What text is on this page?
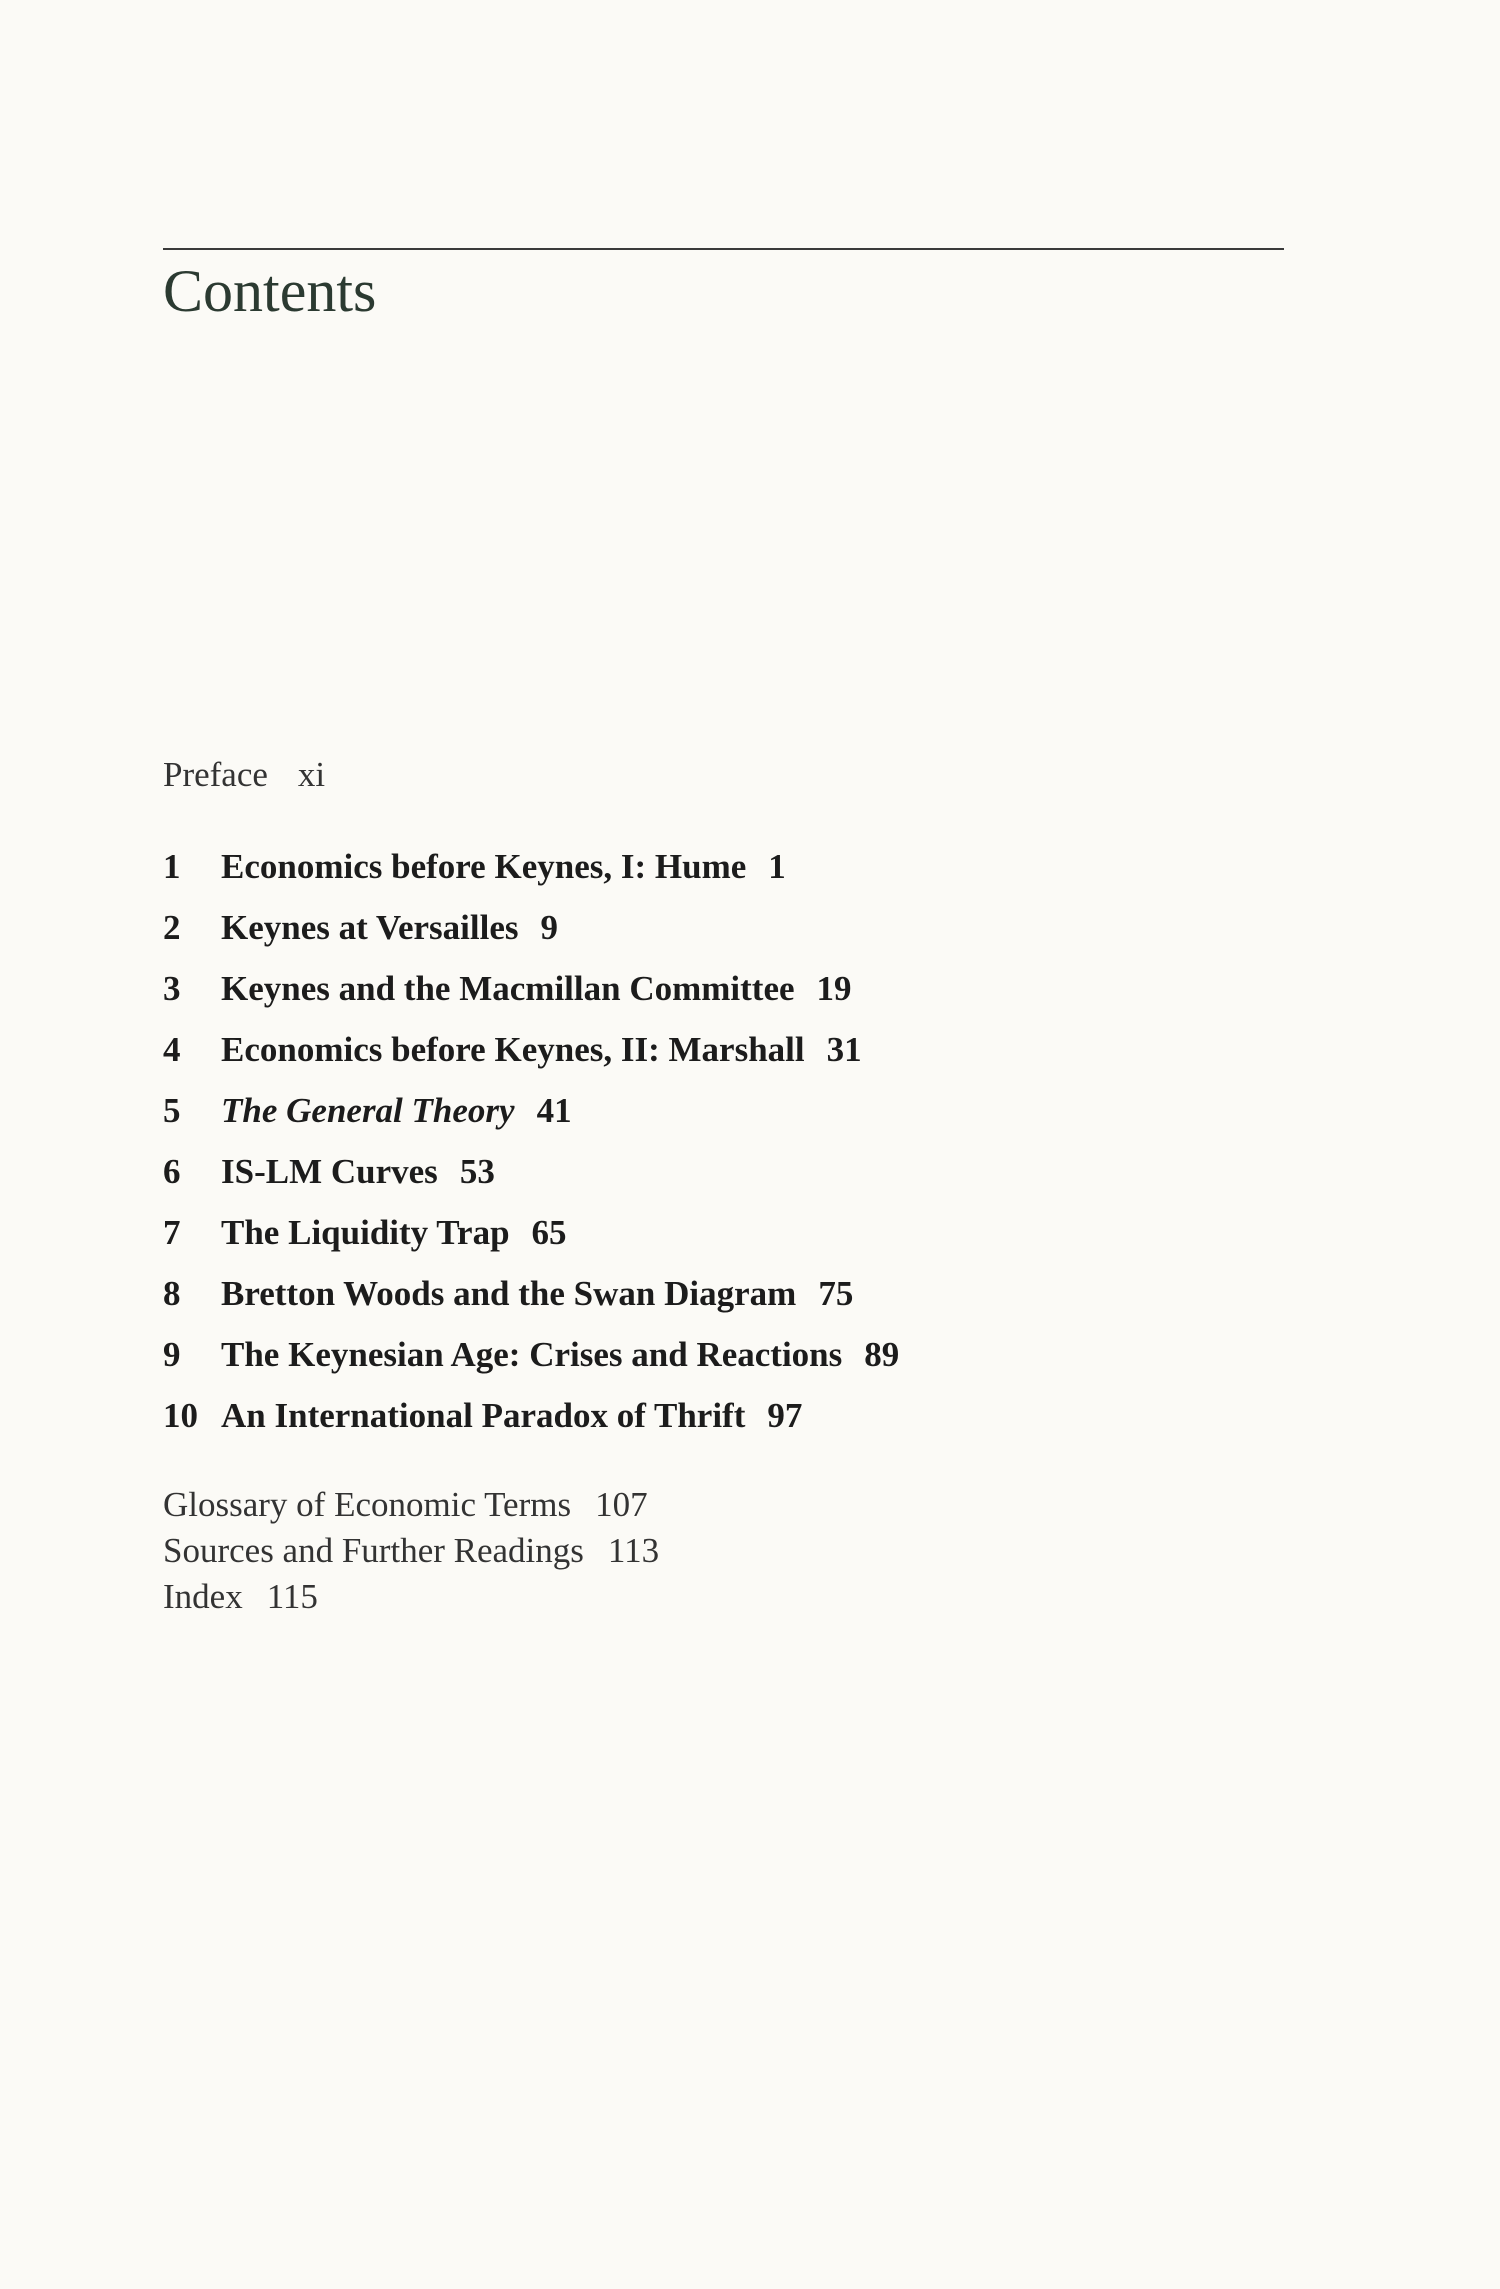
Contents
Preface xi
1 Economics before Keynes, I: Hume 1
2 Keynes at Versailles 9
3 Keynes and the Macmillan Committee 19
4 Economics before Keynes, II: Marshall 31
5 The General Theory 41
6 IS-LM Curves 53
7 The Liquidity Trap 65
8 Bretton Woods and the Swan Diagram 75
9 The Keynesian Age: Crises and Reactions 89
10 An International Paradox of Thrift 97
Glossary of Economic Terms 107
Sources and Further Readings 113
Index 115
